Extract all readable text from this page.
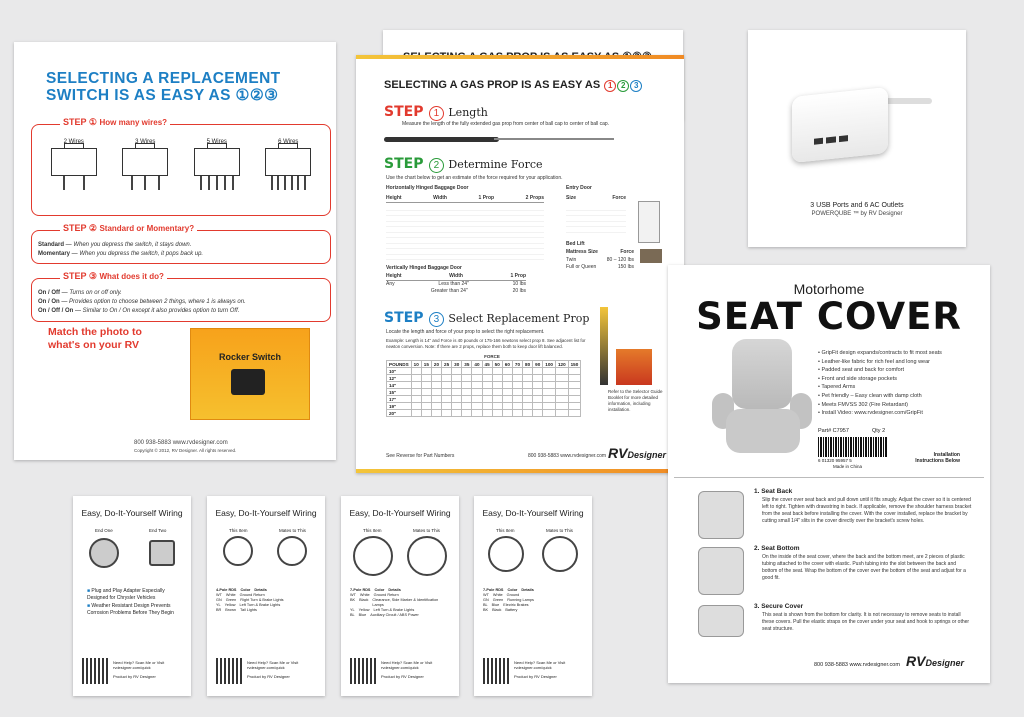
SELECTING A REPLACEMENT
SWITCH IS AS EASY AS ①②③
STEP ① How many wires?
2 Wires	3 Wires	5 Wires	6 Wires
STEP ② Standard or Momentary?
Standard — When you depress the switch, it stays down.
Momentary — When you depress the switch, it pops back up.
STEP ③ What does it do?
On / Off — Turns on or off only.
On / On — Provides option to choose between 2 things, where 1 is always on.
On / Off / On — Similar to On / On except it also provides option to turn Off.
Match the photo to
what's on your RV
Rocker Switch
800 938-5883 www.rvdesigner.com
Copyright © 2012, RV Designer. All rights reserved.
SELECTING A GAS PROP IS AS EASY AS 1 2 3
STEP 1 Length
Measure the length of the fully extended gas prop from center of ball cap to center of ball cap.
STEP 2 Determine Force
Use the chart below to get an estimate of the force required for your application.
Horizontally Hinged Baggage Door
Height	Width	1 Prop	2 Props
Entry Door
Size	Force
Bed Lift
Mattress Size	Force
Twin	80 – 120 lbs
Full or Queen	150 lbs
Vertically Hinged Baggage Door
Height	Width	1 Prop
Any	Less than 24"	10 lbs
Greater than 24"	20 lbs
STEP 3 Select Replacement Prop
Locate the length and force of your prop to select the right replacement.
Example: Length is 14" and Force is 40 pounds or 175-166 newtons select prop 8. See adjacent list for newton conversion. Note: If there are 2 props, replace them both to keep door lift balanced.
FORCE
POUNDS	10	15	20	25	30	35	40	45	50	60	70	80	90	100	120	150
10"																
12"																
14"																
15"																
17"																
19"																
20"																
Refer to the Selector Guide Booklet for more detailed information, including installation.
See Reverse for Part Numbers	800 938-5883 www.rvdesigner.com RVDesigner
3 USB Ports and 6 AC Outlets
POWERQUBE ™ by RV Designer
Motorhome
SEAT COVER
• GripFit design expands/contracts to fit most seats
• Leather-like fabric for rich feel and long wear
• Padded seat and back for comfort
• Front and side storage pockets
• Tapered Arms
• Pet friendly – Easy clean with damp cloth
• Meets FMVSS 302 (Fire Retardant)
• Install Video: www.rvdesigner.com/GripFit
Part# C7957	Qty 2
6 01320 95957 5
Made in China
Installation Instructions Below
1. Seat Back
Slip the cover over seat back and pull down until it fits snugly. Adjust the cover so it is centered left to right. Tighten with drawstring in back. If applicable, remove the shoulder harness bracket from the seat back before installing the cover. With the cover installed, replace the bracket by cutting small 1/4" slits in the cover directly over the bracket's screw holes.
2. Seat Bottom
On the inside of the seat cover, where the back and the bottom meet, are 2 pieces of plastic tubing attached to the cover with elastic. Push tubing into the slot between the back and bottom of the seat. Wrap the bottom of the cover over the bottom of the seat and adjust for a good fit.
3. Secure Cover
This seat is shown from the bottom for clarity. It is not necessary to remove seats to install these covers. Pull the elastic straps on the cover under your seat and hook to springs or other seat structure.
800 938-5883 www.rvdesigner.com RVDesigner
Easy, Do-It-Yourself Wiring
End One	End Two
■ Plug and Play Adapter Especially Designed for Chrysler Vehicles
■ Weather Resistant Design Prevents Corrosion Problems Before They Begin
Need Help? Scan Me or Visit rvdesigner.com/quick
Product by RV Designer
Easy, Do-It-Yourself Wiring
This Item	Mates to This
4-Pole RDS Color Details
WT White Ground Return
GN Green Right Turn & Brake Lights
YL Yellow Left Turn & Brake Lights
BR Brown Tail Lights
Need Help? Scan Me or Visit rvdesigner.com/quick
Product by RV Designer
Easy, Do-It-Yourself Wiring
This Item	Mates to This
7-Pole RDS Color Details
WT White Ground Return
BK Black Clearance, Side Marker & Identification Lamps
YL Yellow Left Turn & Brake Lights
BL Blue Auxiliary Circuit / ABS Power
Need Help? Scan Me or Visit rvdesigner.com/quick
Product by RV Designer
Easy, Do-It-Yourself Wiring
This Item	Mates to This
7-Pole RDS Color Details
WT White Ground
GN Green Running Lamps
BL Blue Electric Brakes
BK Black Battery
Need Help? Scan Me or Visit rvdesigner.com/quick
Product by RV Designer
